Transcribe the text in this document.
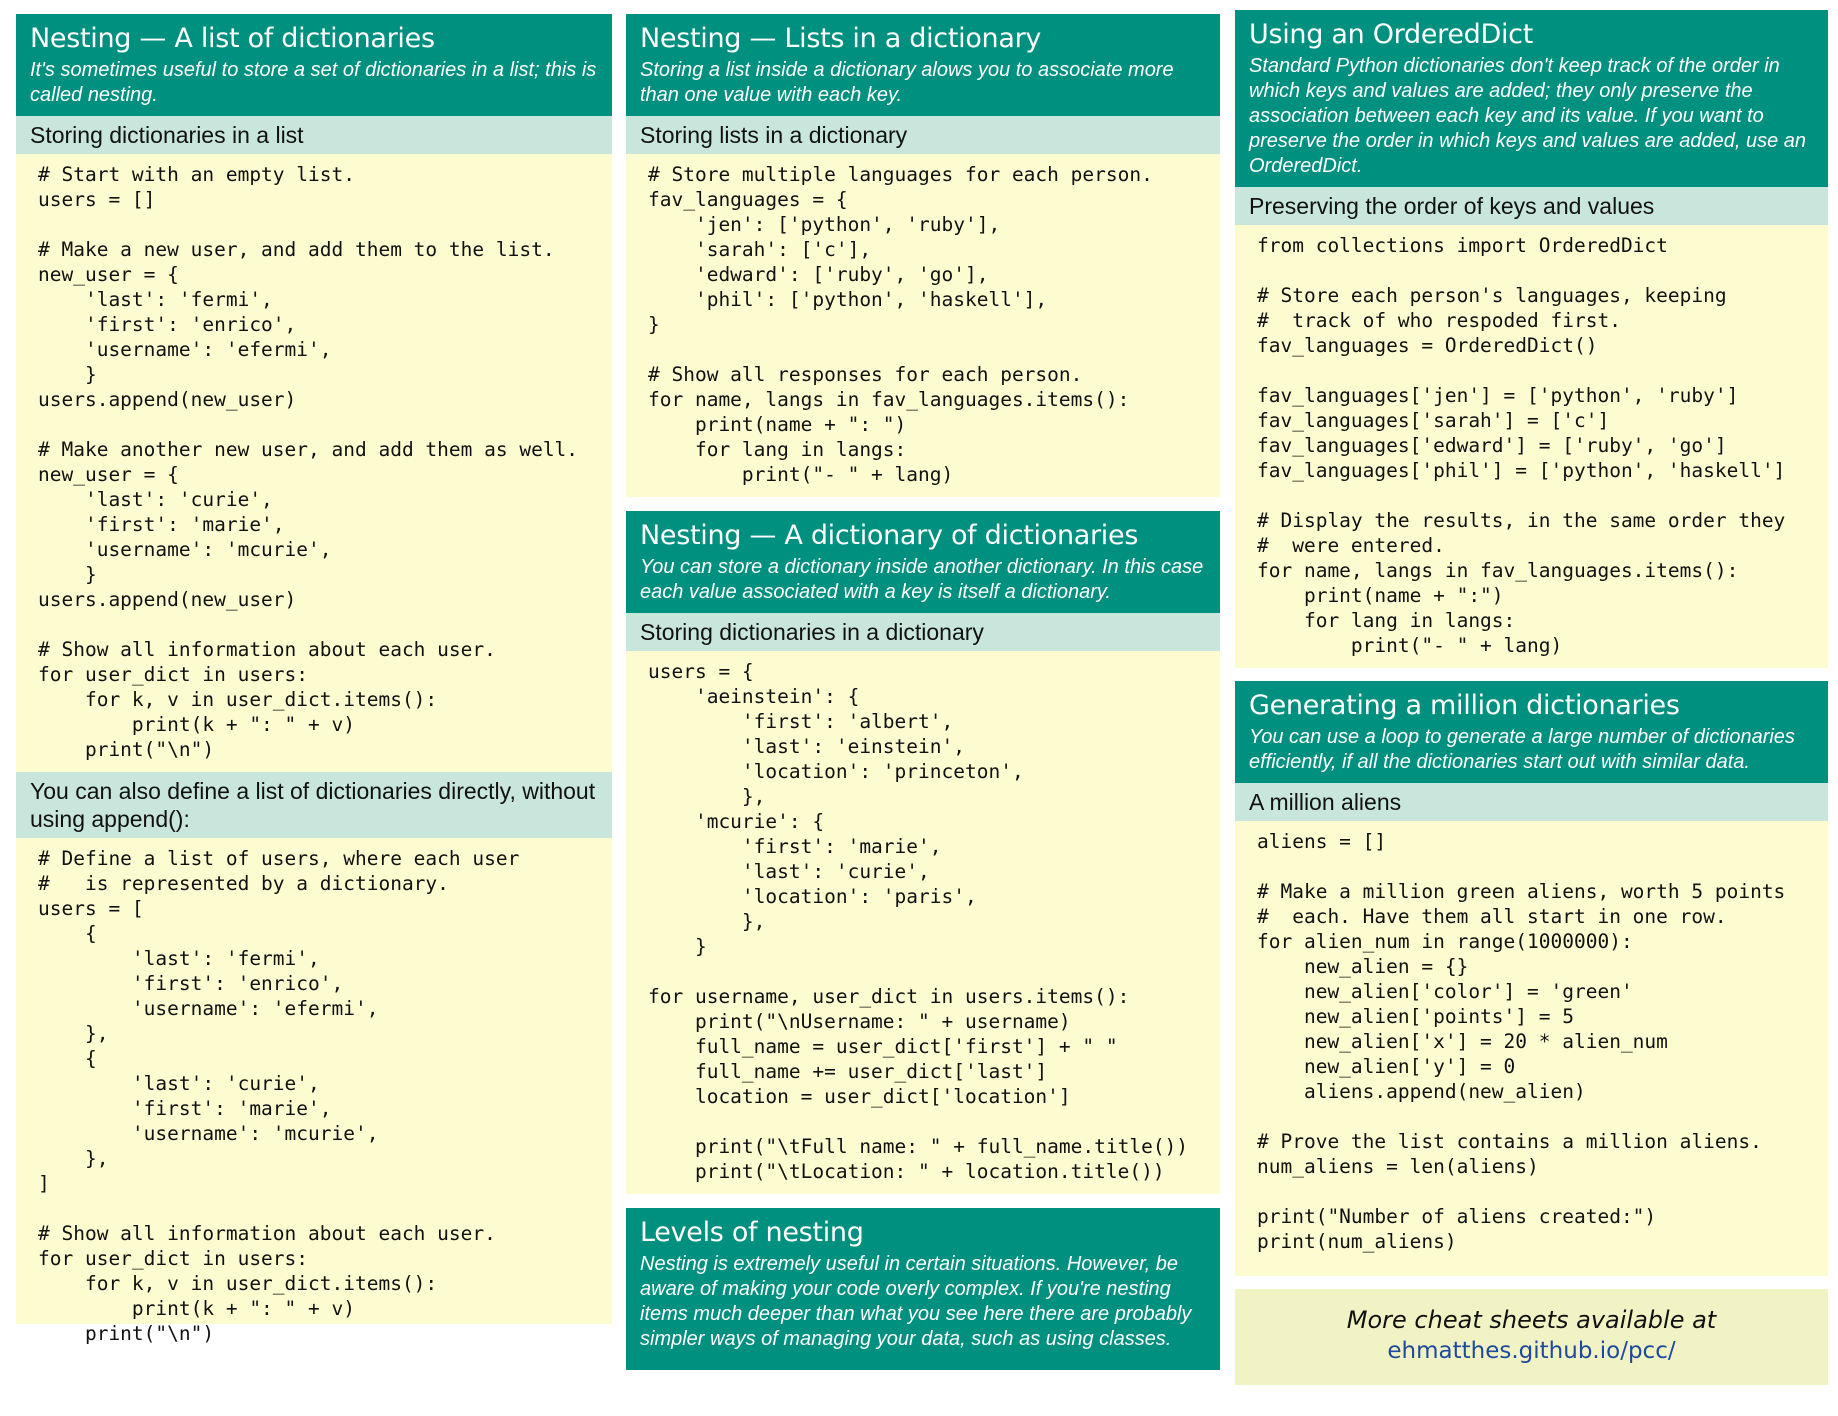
Nesting — A list of dictionaries

It's sometimes useful to store a set of dictionaries in a list; this is called nesting.

Storing dictionaries in a list
# Start with an empty list.
users = []

# Make a new user, and add them to the list.
new_user = {
'last': 'fermi',
'first': 'enrico',
'username': 'efermi',
}
users.append(new_user)

# Make another new user, and add them as well.
new_user = {
'last': 'curie',
'first': 'marie',
'username': 'mcurie',
}
users.append(new_user)

# Show all information about each user.
for user_dict in users:
for k, v in user_dict.items():
print(k + ": " + v)
print("\n")
You can also define a list of dictionaries directly, without using append():
# Define a list of users, where each user
#   is represented by a dictionary.
users = [
{
'last': 'fermi',
'first': 'enrico',
'username': 'efermi',
},
{
'last': 'curie',
'first': 'marie',
'username': 'mcurie',
},
]

# Show all information about each user.
for user_dict in users:
for k, v in user_dict.items():
print(k + ": " + v)
print("\n")
Nesting — Lists in a dictionary

Storing a list inside a dictionary alows you to associate more than one value with each key.

Storing lists in a dictionary
# Store multiple languages for each person.
fav_languages = {
'jen': ['python', 'ruby'],
'sarah': ['c'],
'edward': ['ruby', 'go'],
'phil': ['python', 'haskell'],
}

# Show all responses for each person.
for name, langs in fav_languages.items():
print(name + ": ")
for lang in langs:
print("- " + lang)
Nesting — A dictionary of dictionaries

You can store a dictionary inside another dictionary. In this case each value associated with a key is itself a dictionary.

Storing dictionaries in a dictionary
users = {
'aeinstein': {
'first': 'albert',
'last': 'einstein',
'location': 'princeton',
},
'mcurie': {
'first': 'marie',
'last': 'curie',
'location': 'paris',
},
}

for username, user_dict in users.items():
print("\nUsername: " + username)
full_name = user_dict['first'] + " "
full_name += user_dict['last']
location = user_dict['location']

print("\tFull name: " + full_name.title())
print("\tLocation: " + location.title())
Levels of nesting

Nesting is extremely useful in certain situations. However, be aware of making your code overly complex. If you're nesting items much deeper than what you see here there are probably simpler ways of managing your data, such as using classes.

Using an OrderedDict

Standard Python dictionaries don't keep track of the order in which keys and values are added; they only preserve the association between each key and its value. If you want to preserve the order in which keys and values are added, use an OrderedDict.

Preserving the order of keys and values
from collections import OrderedDict

# Store each person's languages, keeping
#  track of who respoded first.
fav_languages = OrderedDict()

fav_languages['jen'] = ['python', 'ruby']
fav_languages['sarah'] = ['c']
fav_languages['edward'] = ['ruby', 'go']
fav_languages['phil'] = ['python', 'haskell']

# Display the results, in the same order they
#  were entered.
for name, langs in fav_languages.items():
print(name + ":")
for lang in langs:
print("- " + lang)
Generating a million dictionaries

You can use a loop to generate a large number of dictionaries efficiently, if all the dictionaries start out with similar data.

A million aliens
aliens = []

# Make a million green aliens, worth 5 points
#  each. Have them all start in one row.
for alien_num in range(1000000):
new_alien = {}
new_alien['color'] = 'green'
new_alien['points'] = 5
new_alien['x'] = 20 * alien_num
new_alien['y'] = 0
aliens.append(new_alien)

# Prove the list contains a million aliens.
num_aliens = len(aliens)

print("Number of aliens created:")
print(num_aliens)
More cheat sheets available at
ehmatthes.github.io/pcc/
